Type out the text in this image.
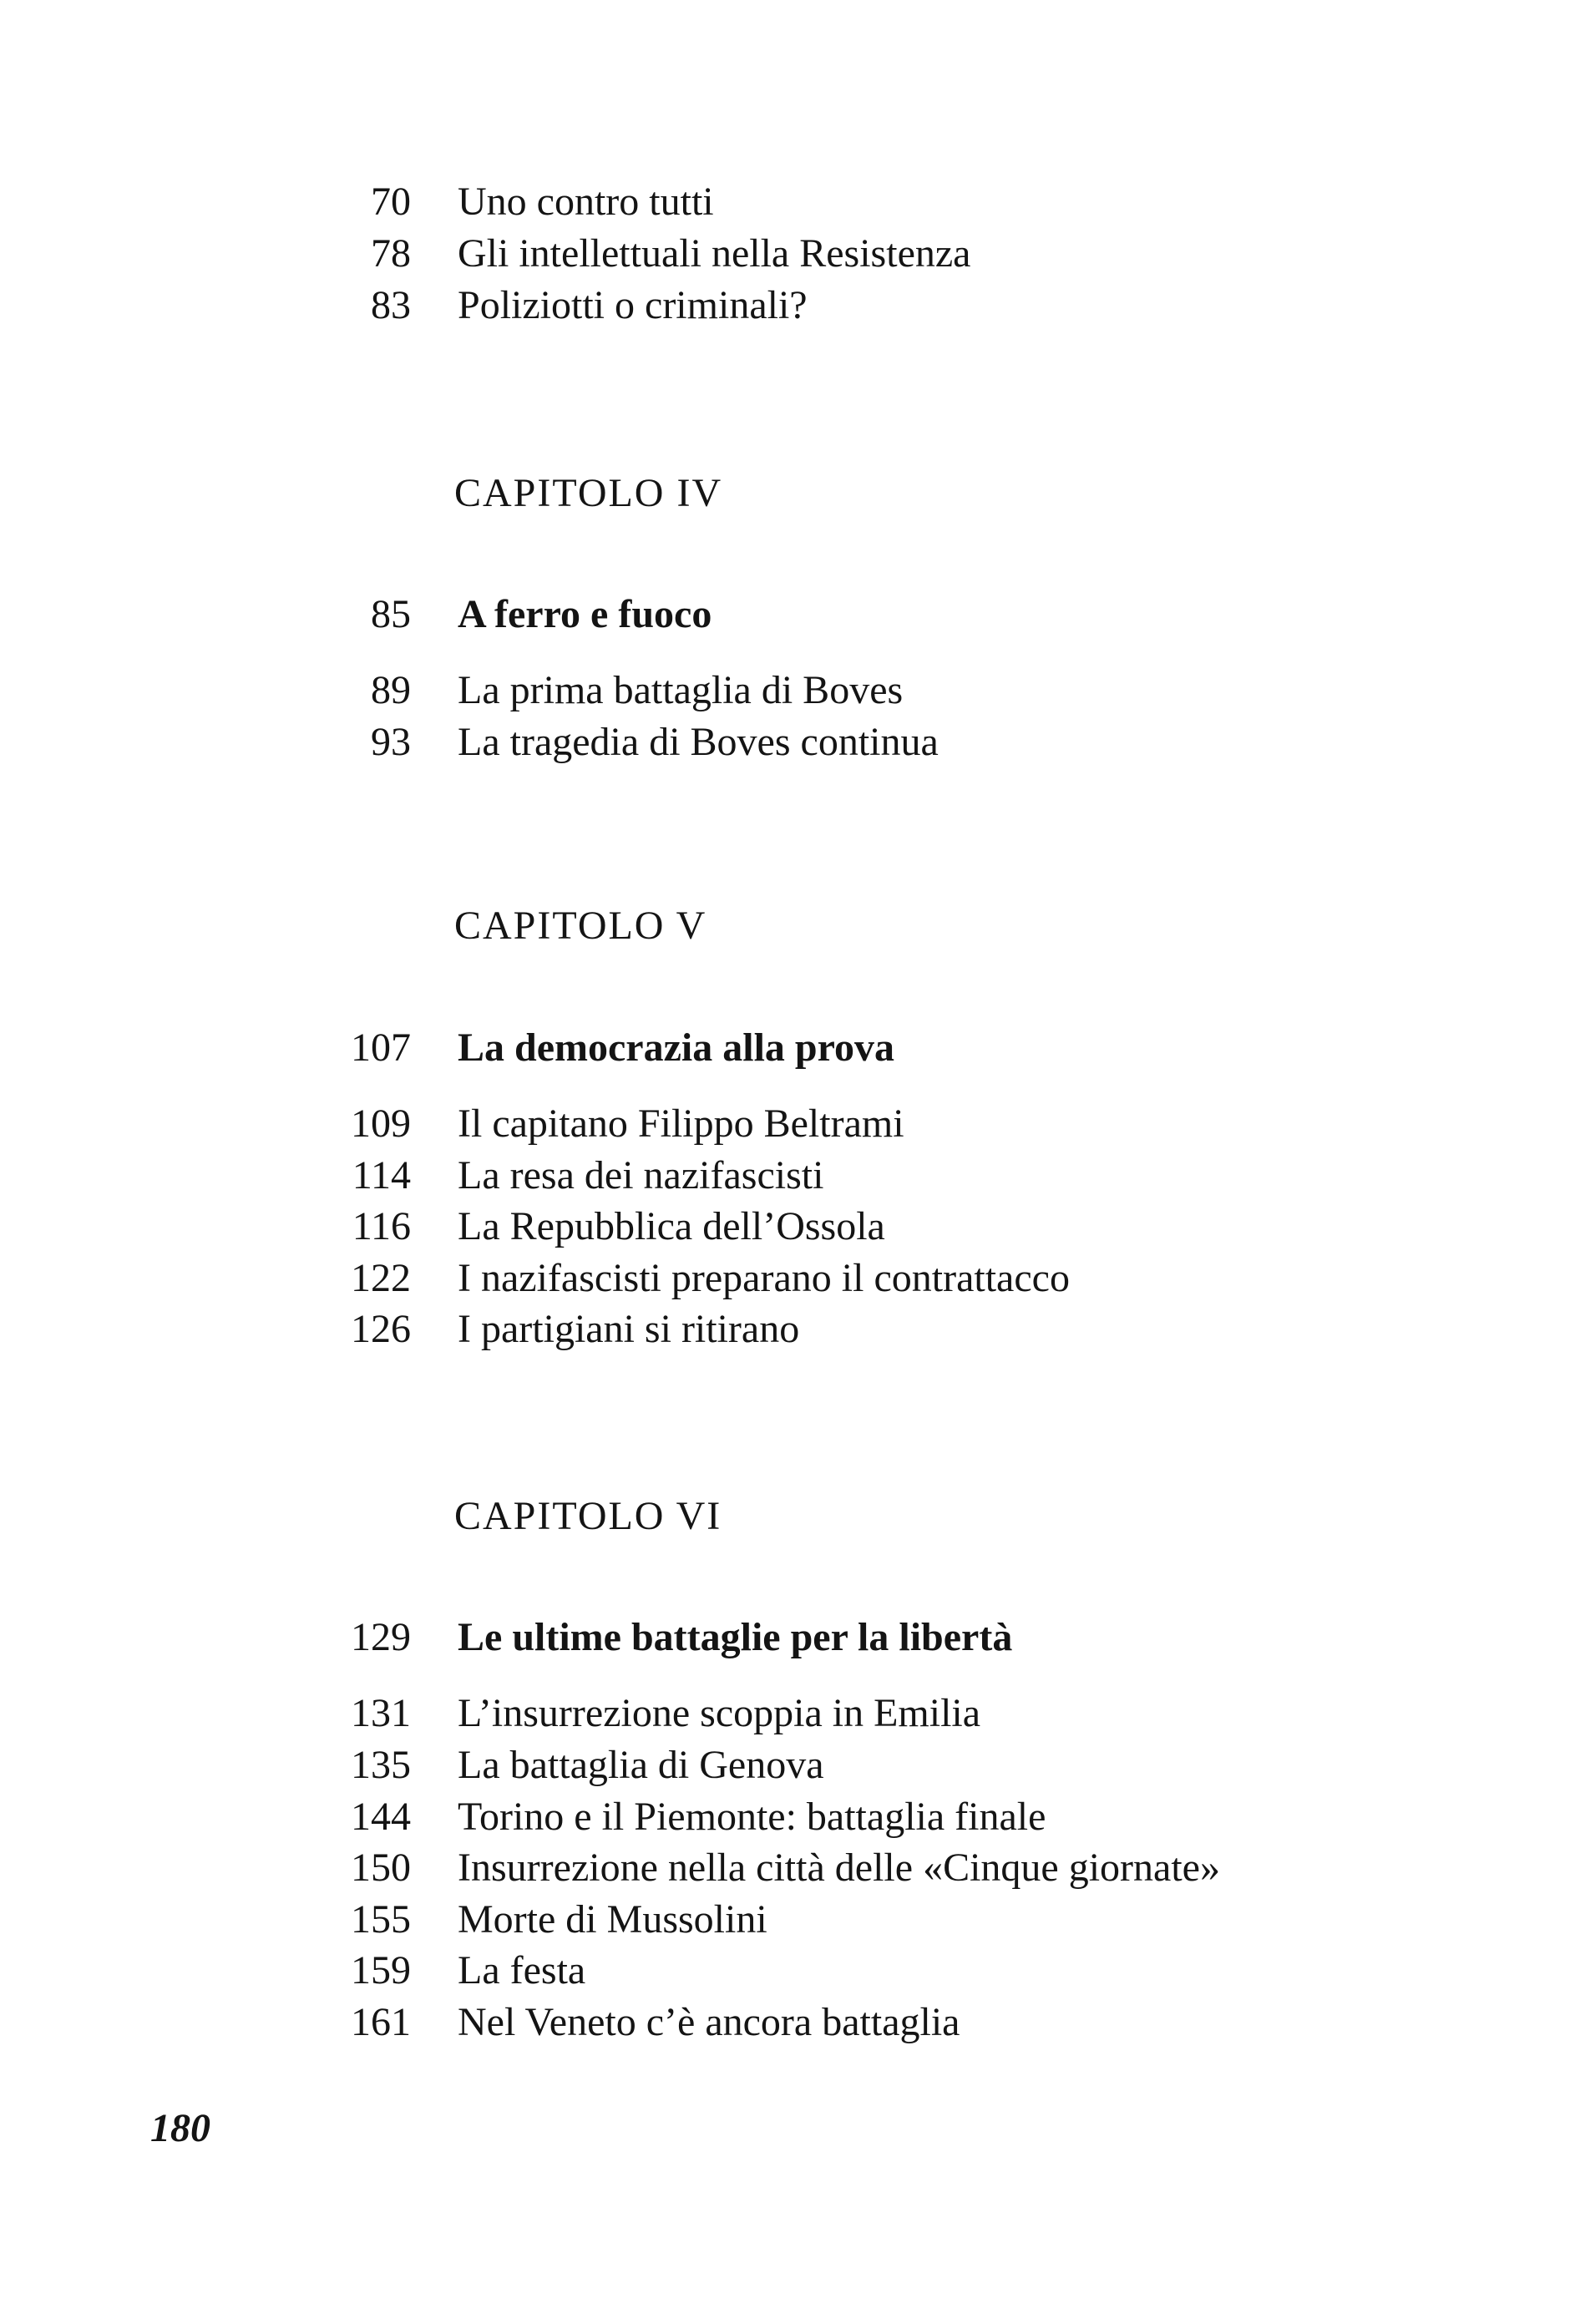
70 Uno contro tutti
78 Gli intellettuali nella Resistenza
83 Poliziotti o criminali?
CAPITOLO IV
85 A ferro e fuoco
89 La prima battaglia di Boves
93 La tragedia di Boves continua
CAPITOLO V
107 La democrazia alla prova
109 Il capitano Filippo Beltrami
114 La resa dei nazifascisti
116 La Repubblica dell’Ossola
122 I nazifascisti preparano il contrattacco
126 I partigiani si ritirano
CAPITOLO VI
129 Le ultime battaglie per la libertà
131 L’insurrezione scoppia in Emilia
135 La battaglia di Genova
144 Torino e il Piemonte: battaglia finale
150 Insurrezione nella città delle «Cinque giornate»
155 Morte di Mussolini
159 La festa
161 Nel Veneto c’è ancora battaglia
180
